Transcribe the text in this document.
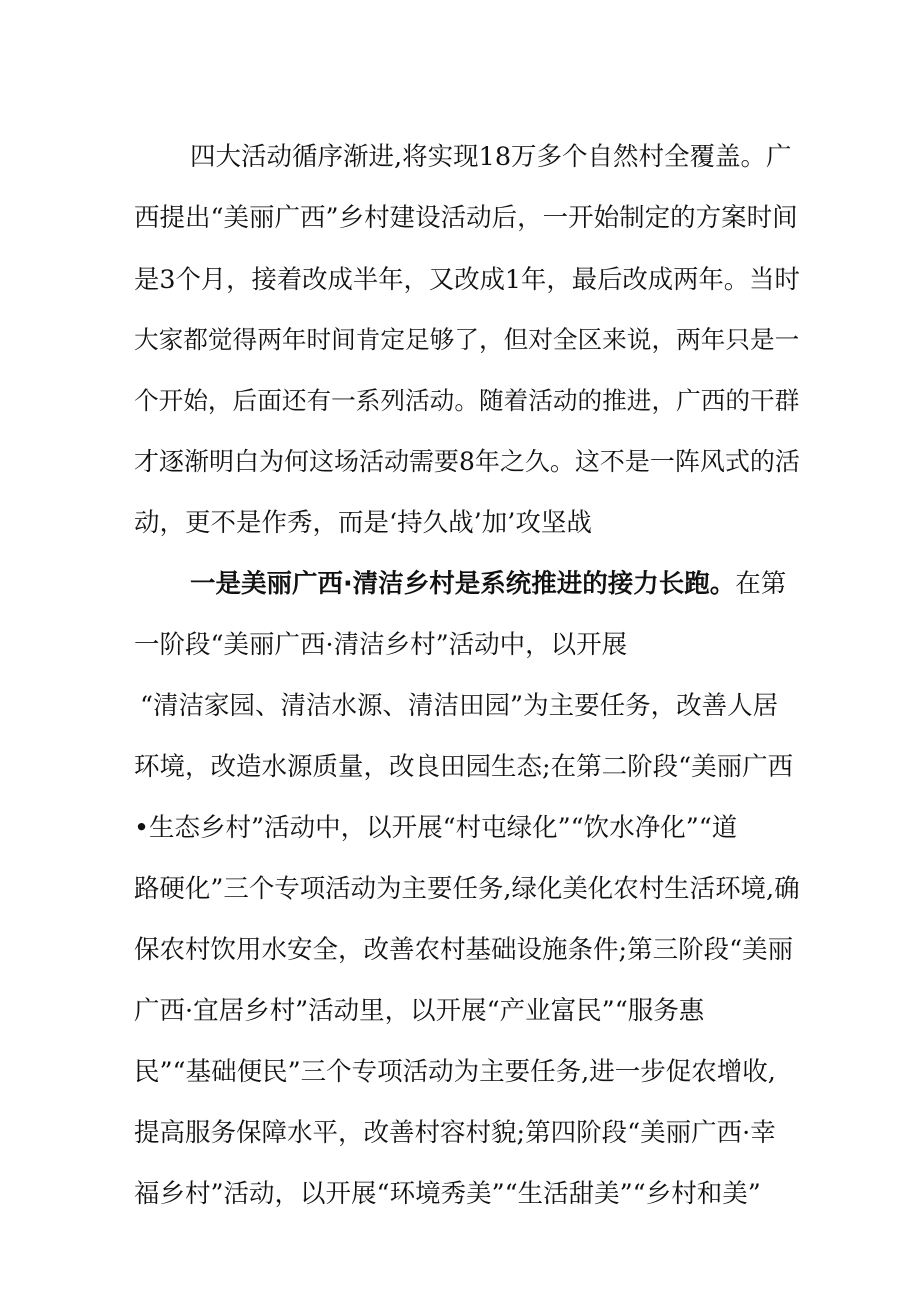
四大活动循序渐进,将实现18万多个自然村全覆盖。广
西提出“美丽广西”乡村建设活动后，一开始制定的方案时间
是3个月，接着改成半年，又改成1年，最后改成两年。当时
大家都觉得两年时间肯定足够了，但对全区来说，两年只是一
个开始，后面还有一系列活动。随着活动的推进，广西的干群
才逐渐明白为何这场活动需要8年之久。这不是一阵风式的活
动，更不是作秀，而是‘持久战’加’攻坚战
一是美丽广西·清洁乡村是系统推进的接力长跑。在第
一阶段“美丽广西·清洁乡村”活动中，以开展
“清洁家园、清洁水源、清洁田园”为主要任务，改善人居
环境，改造水源质量，改良田园生态;在第二阶段“美丽广西
•生态乡村”活动中，以开展“村屯绿化”“饮水净化”“道
路硬化”三个专项活动为主要任务,绿化美化农村生活环境,确
保农村饮用水安全，改善农村基础设施条件;第三阶段“美丽
广西·宜居乡村”活动里，以开展“产业富民”“服务惠
民”“基础便民”三个专项活动为主要任务,进一步促农增收,
提高服务保障水平，改善村容村貌;第四阶段“美丽广西·幸
福乡村”活动，以开展“环境秀美”“生活甜美”“乡村和美”
